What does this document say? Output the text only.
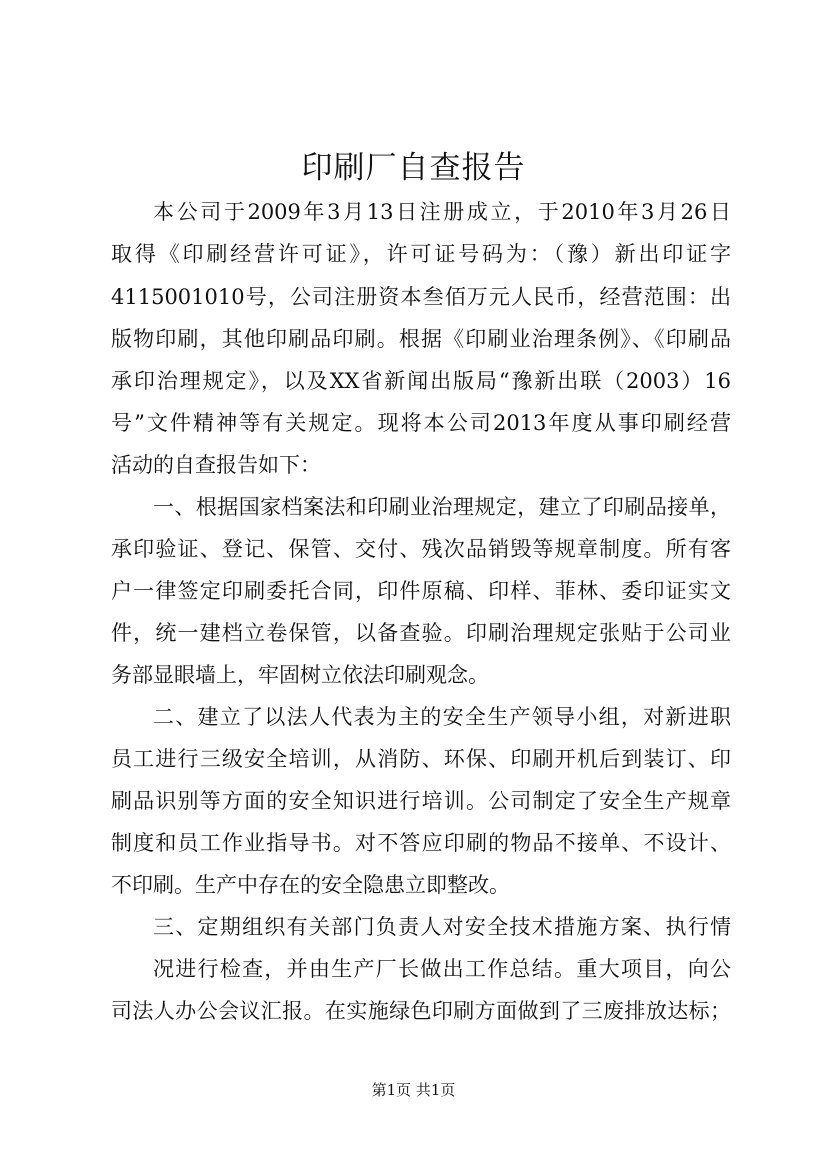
印刷厂自查报告
本公司于2009年3月13日注册成立，于2010年3月26日
取得《印刷经营许可证》，许可证号码为：（豫）新出印证字
4115001010号，公司注册资本叁佰万元人民币，经营范围：出
版物印刷，其他印刷品印刷。根据《印刷业治理条例》、《印刷品
承印治理规定》，以及XX省新闻出版局“豫新出联（2003）16
号”文件精神等有关规定。现将本公司2013年度从事印刷经营
活动的自查报告如下：
一、根据国家档案法和印刷业治理规定，建立了印刷品接单，
承印验证、登记、保管、交付、残次品销毁等规章制度。所有客
户一律签定印刷委托合同，印件原稿、印样、菲林、委印证实文
件，统一建档立卷保管，以备查验。印刷治理规定张贴于公司业
务部显眼墙上，牢固树立依法印刷观念。
二、建立了以法人代表为主的安全生产领导小组，对新进职
员工进行三级安全培训，从消防、环保、印刷开机后到装订、印
刷品识别等方面的安全知识进行培训。公司制定了安全生产规章
制度和员工作业指导书。对不答应印刷的物品不接单、不设计、
不印刷。生产中存在的安全隐患立即整改。
三、定期组织有关部门负责人对安全技术措施方案、执行情
况进行检查，并由生产厂长做出工作总结。重大项目，向公
司法人办公会议汇报。在实施绿色印刷方面做到了三废排放达标；
第1页 共1页
